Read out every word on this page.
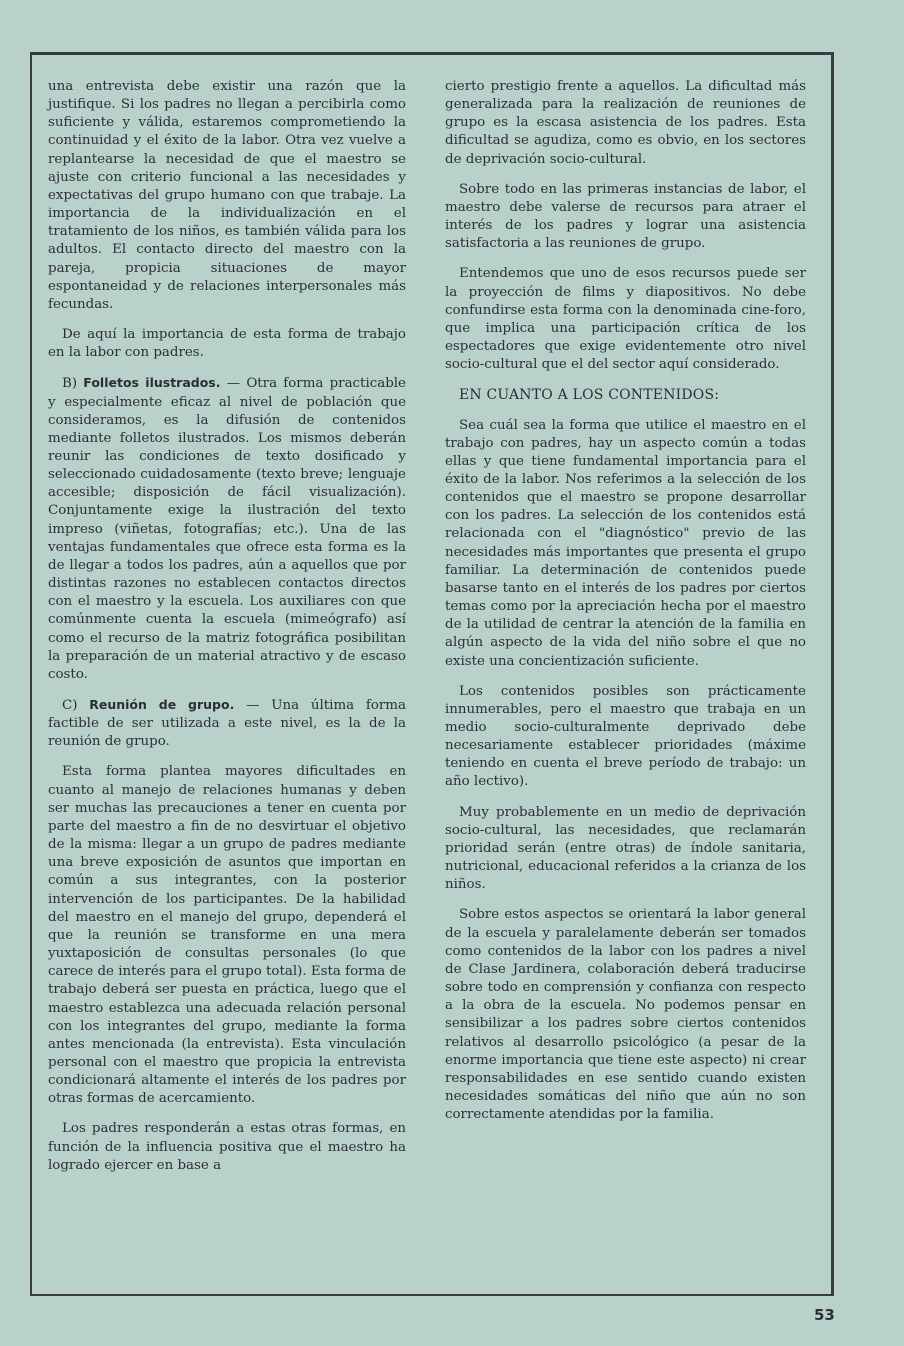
una entrevista debe existir una razón que la justifique. Si los padres no llegan a percibirla como suficiente y válida, estaremos comprometiendo la continuidad y el éxito de la labor. Otra vez vuelve a replantearse la necesidad de que el maestro se ajuste con criterio funcional a las necesidades y expectativas del grupo humano con que trabaje. La importancia de la individualización en el tratamiento de los niños, es también válida para los adultos. El contacto directo del maestro con la pareja, propicia situaciones de mayor espontaneidad y de relaciones interpersonales más fecundas.

De aquí la importancia de esta forma de trabajo en la labor con padres.

B) Folletos ilustrados. — Otra forma practicable y especialmente eficaz al nivel de población que consideramos, es la difusión de contenidos mediante folletos ilustrados. Los mismos deberán reunir las condiciones de texto dosificado y seleccionado cuidadosamente (texto breve; lenguaje accesible; disposición de fácil visualización). Conjuntamente exige la ilustración del texto impreso (viñetas, fotografías; etc.). Una de las ventajas fundamentales que ofrece esta forma es la de llegar a todos los padres, aún a aquellos que por distintas razones no establecen contactos directos con el maestro y la escuela. Los auxiliares con que comúnmente cuenta la escuela (mimeógrafo) así como el recurso de la matriz fotográfica posibilitan la preparación de un material atractivo y de escaso costo.

C) Reunión de grupo. — Una última forma factible de ser utilizada a este nivel, es la de la reunión de grupo.

Esta forma plantea mayores dificultades en cuanto al manejo de relaciones humanas y deben ser muchas las precauciones a tener en cuenta por parte del maestro a fin de no desvirtuar el objetivo de la misma: llegar a un grupo de padres mediante una breve exposición de asuntos que importan en común a sus integrantes, con la posterior intervención de los participantes. De la habilidad del maestro en el manejo del grupo, dependerá el que la reunión se transforme en una mera yuxtaposición de consultas personales (lo que carece de interés para el grupo total). Esta forma de trabajo deberá ser puesta en práctica, luego que el maestro establezca una adecuada relación personal con los integrantes del grupo, mediante la forma antes mencionada (la entrevista). Esta vinculación personal con el maestro que propicia la entrevista condicionará altamente el interés de los padres por otras formas de acercamiento.

Los padres responderán a estas otras formas, en función de la influencia positiva que el maestro ha logrado ejercer en base a

cierto prestigio frente a aquellos. La dificultad más generalizada para la realización de reuniones de grupo es la escasa asistencia de los padres. Esta dificultad se agudiza, como es obvio, en los sectores de deprivación socio-cultural.

Sobre todo en las primeras instancias de labor, el maestro debe valerse de recursos para atraer el interés de los padres y lograr una asistencia satisfactoria a las reuniones de grupo.

Entendemos que uno de esos recursos puede ser la proyección de films y diapositivos. No debe confundirse esta forma con la denominada cine-foro, que implica una participación crítica de los espectadores que exige evidentemente otro nivel socio-cultural que el del sector aquí considerado.

EN CUANTO A LOS CONTENIDOS:

Sea cuál sea la forma que utilice el maestro en el trabajo con padres, hay un aspecto común a todas ellas y que tiene fundamental importancia para el éxito de la labor. Nos referimos a la selección de los contenidos que el maestro se propone desarrollar con los padres. La selección de los contenidos está relacionada con el "diagnóstico" previo de las necesidades más importantes que presenta el grupo familiar. La determinación de contenidos puede basarse tanto en el interés de los padres por ciertos temas como por la apreciación hecha por el maestro de la utilidad de centrar la atención de la familia en algún aspecto de la vida del niño sobre el que no existe una concientización suficiente.

Los contenidos posibles son prácticamente innumerables, pero el maestro que trabaja en un medio socio-culturalmente deprivado debe necesariamente establecer prioridades (máxime teniendo en cuenta el breve período de trabajo: un año lectivo).

Muy probablemente en un medio de deprivación socio-cultural, las necesidades, que reclamarán prioridad serán (entre otras) de índole sanitaria, nutricional, educacional referidos a la crianza de los niños.

Sobre estos aspectos se orientará la labor general de la escuela y paralelamente deberán ser tomados como contenidos de la labor con los padres a nivel de Clase Jardinera, colaboración deberá traducirse sobre todo en comprensión y confianza con respecto a la obra de la escuela. No podemos pensar en sensibilizar a los padres sobre ciertos contenidos relativos al desarrollo psicológico (a pesar de la enorme importancia que tiene este aspecto) ni crear responsabilidades en ese sentido cuando existen necesidades somáticas del niño que aún no son correctamente atendidas por la familia.

53
